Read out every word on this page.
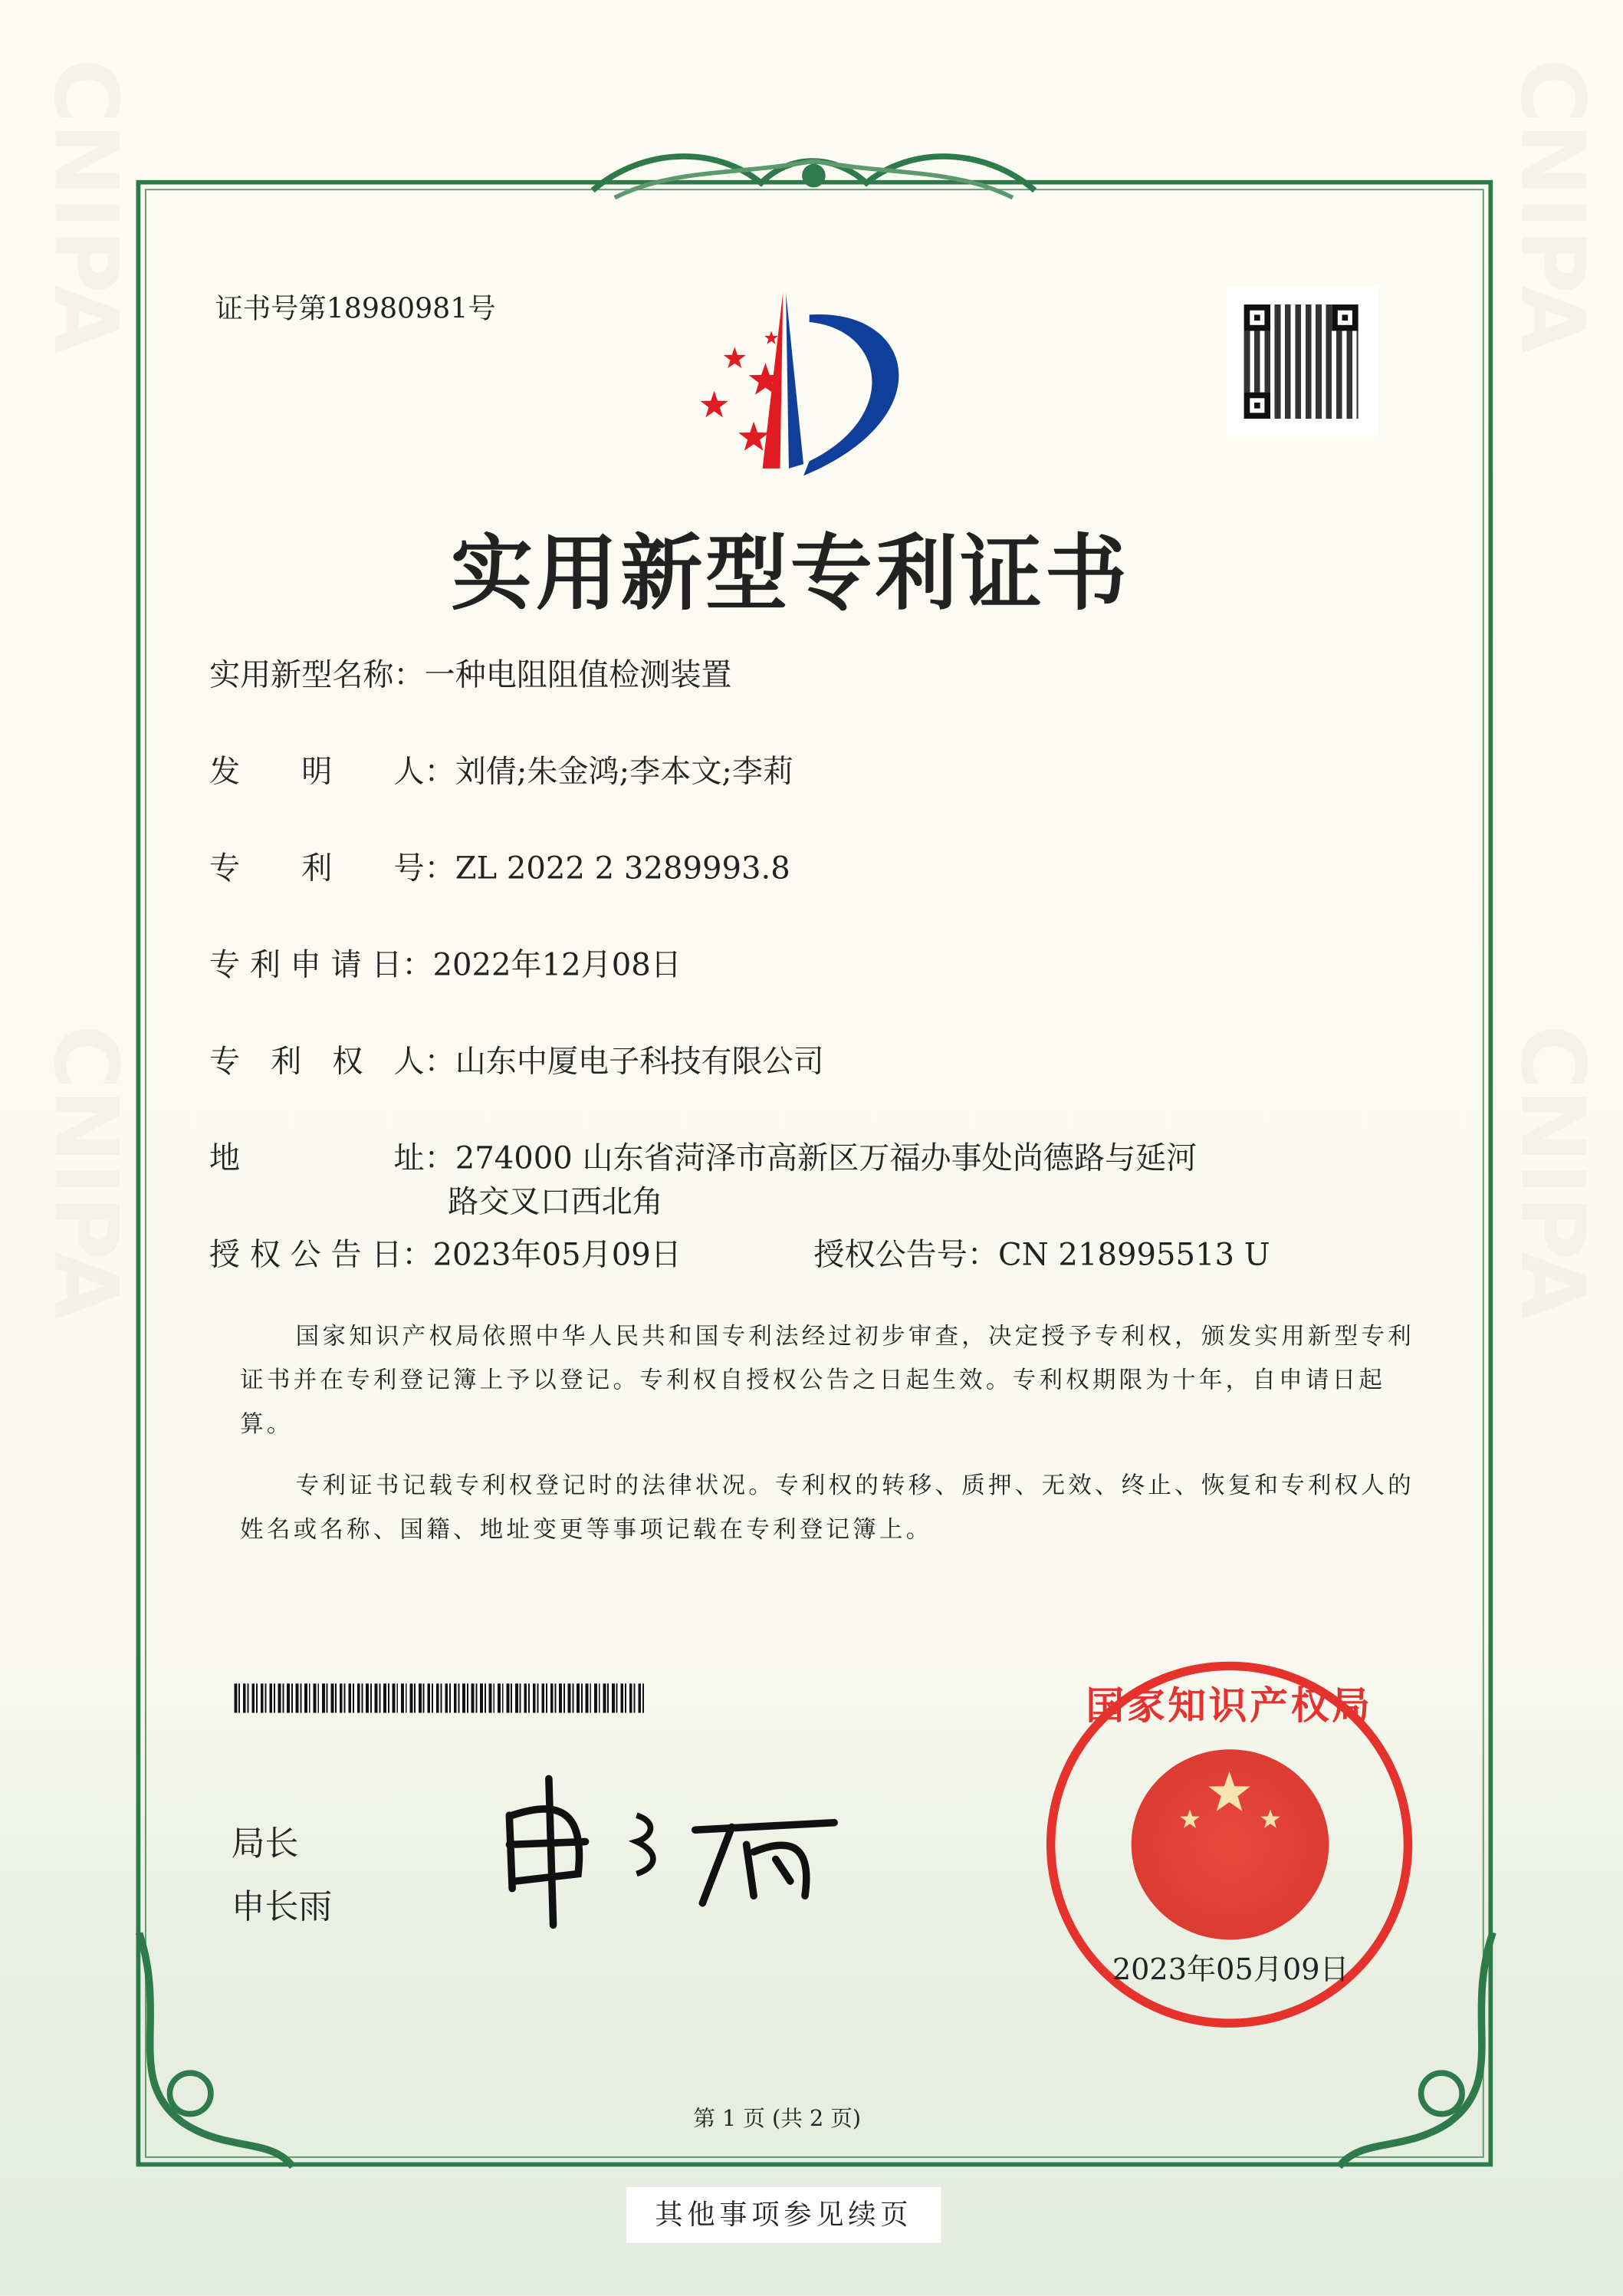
证书号第18980981号
实用新型专利证书
实用新型名称：一种电阻阻值检测装置
发　　明　　人：刘倩;朱金鸿;李本文;李莉
专　　利　　号：ZL 2022 2 3289993.8
专 利 申 请 日：2022年12月08日
专　利　权　人：山东中厦电子科技有限公司
地　　　　　址：274000 山东省菏泽市高新区万福办事处尚德路与延河
路交叉口西北角
授 权 公 告 日：2023年05月09日	授权公告号：CN 218995513 U
国家知识产权局依照中华人民共和国专利法经过初步审查，决定授予专利权，颁发实用新型专利证书并在专利登记簿上予以登记。专利权自授权公告之日起生效。专利权期限为十年，自申请日起算。
专利证书记载专利权登记时的法律状况。专利权的转移、质押、无效、终止、恢复和专利权人的姓名或名称、国籍、地址变更等事项记载在专利登记簿上。
局长
申长雨
国家知识产权局
2023年05月09日
第 1 页 (共 2 页)
其他事项参见续页
